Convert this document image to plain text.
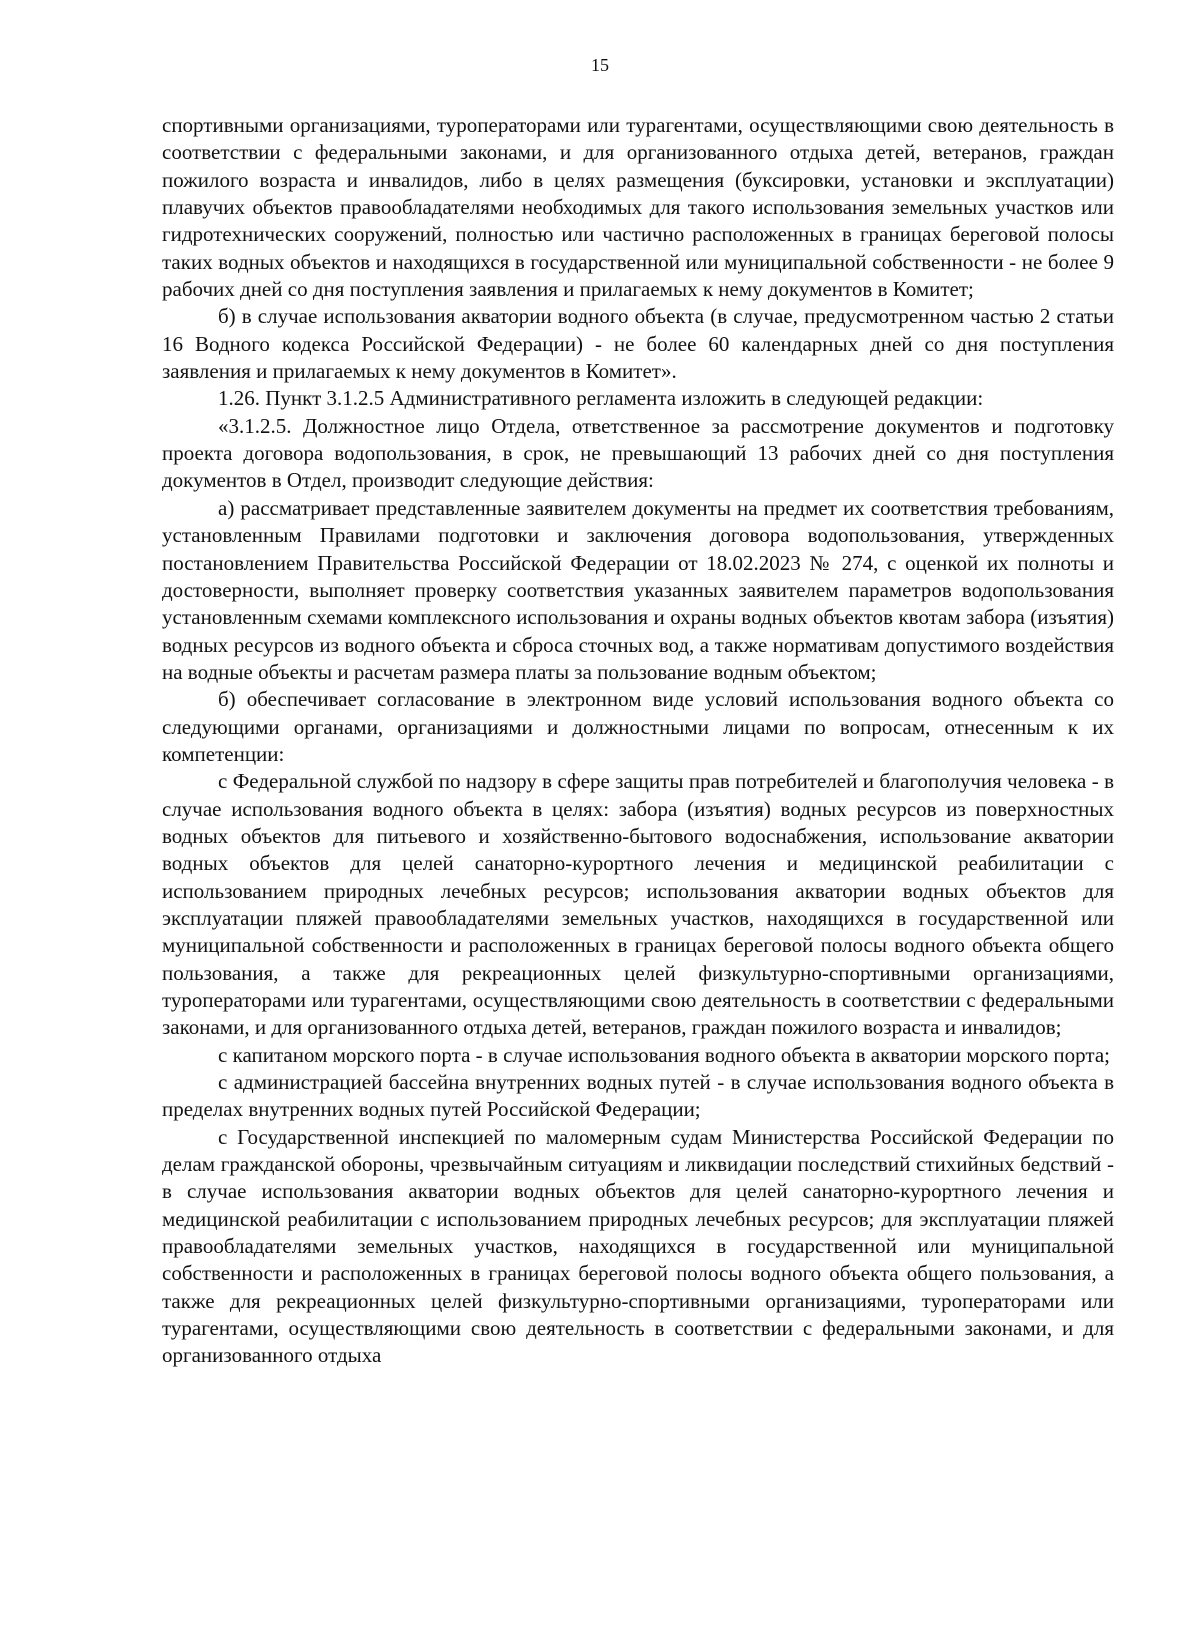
15

спортивными организациями, туроператорами или турагентами, осуществляющими свою деятельность в соответствии с федеральными законами, и для организованного отдыха детей, ветеранов, граждан пожилого возраста и инвалидов, либо в целях размещения (буксировки, установки и эксплуатации) плавучих объектов правообладателями необходимых для такого использования земельных участков или гидротехнических сооружений, полностью или частично расположенных в границах береговой полосы таких водных объектов и находящихся в государственной или муниципальной собственности - не более 9 рабочих дней со дня поступления заявления и прилагаемых к нему документов в Комитет;

б) в случае использования акватории водного объекта (в случае, предусмотренном частью 2 статьи 16 Водного кодекса Российской Федерации) - не более 60 календарных дней со дня поступления заявления и прилагаемых к нему документов в Комитет».

1.26. Пункт 3.1.2.5 Административного регламента изложить в следующей редакции:

«3.1.2.5. Должностное лицо Отдела, ответственное за рассмотрение документов и подготовку проекта договора водопользования, в срок, не превышающий 13 рабочих дней со дня поступления документов в Отдел, производит следующие действия:

а) рассматривает представленные заявителем документы на предмет их соответствия требованиям, установленным Правилами подготовки и заключения договора водопользования, утвержденных постановлением Правительства Российской Федерации от 18.02.2023 № 274, с оценкой их полноты и достоверности, выполняет проверку соответствия указанных заявителем параметров водопользования установленным схемами комплексного использования и охраны водных объектов квотам забора (изъятия) водных ресурсов из водного объекта и сброса сточных вод, а также нормативам допустимого воздействия на водные объекты и расчетам размера платы за пользование водным объектом;

б) обеспечивает согласование в электронном виде условий использования водного объекта со следующими органами, организациями и должностными лицами по вопросам, отнесенным к их компетенции:

с Федеральной службой по надзору в сфере защиты прав потребителей и благополучия человека - в случае использования водного объекта в целях: забора (изъятия) водных ресурсов из поверхностных водных объектов для питьевого и хозяйственно-бытового водоснабжения, использование акватории водных объектов для целей санаторно-курортного лечения и медицинской реабилитации с использованием природных лечебных ресурсов; использования акватории водных объектов для эксплуатации пляжей правообладателями земельных участков, находящихся в государственной или муниципальной собственности и расположенных в границах береговой полосы водного объекта общего пользования, а также для рекреационных целей физкультурно-спортивными организациями, туроператорами или турагентами, осуществляющими свою деятельность в соответствии с федеральными законами, и для организованного отдыха детей, ветеранов, граждан пожилого возраста и инвалидов;

с капитаном морского порта - в случае использования водного объекта в акватории морского порта;

с администрацией бассейна внутренних водных путей - в случае использования водного объекта в пределах внутренних водных путей Российской Федерации;

с Государственной инспекцией по маломерным судам Министерства Российской Федерации по делам гражданской обороны, чрезвычайным ситуациям и ликвидации последствий стихийных бедствий - в случае использования акватории водных объектов для целей санаторно-курортного лечения и медицинской реабилитации с использованием природных лечебных ресурсов; для эксплуатации пляжей правообладателями земельных участков, находящихся в государственной или муниципальной собственности и расположенных в границах береговой полосы водного объекта общего пользования, а также для рекреационных целей физкультурно-спортивными организациями, туроператорами или турагентами, осуществляющими свою деятельность в соответствии с федеральными законами, и для организованного отдыха
